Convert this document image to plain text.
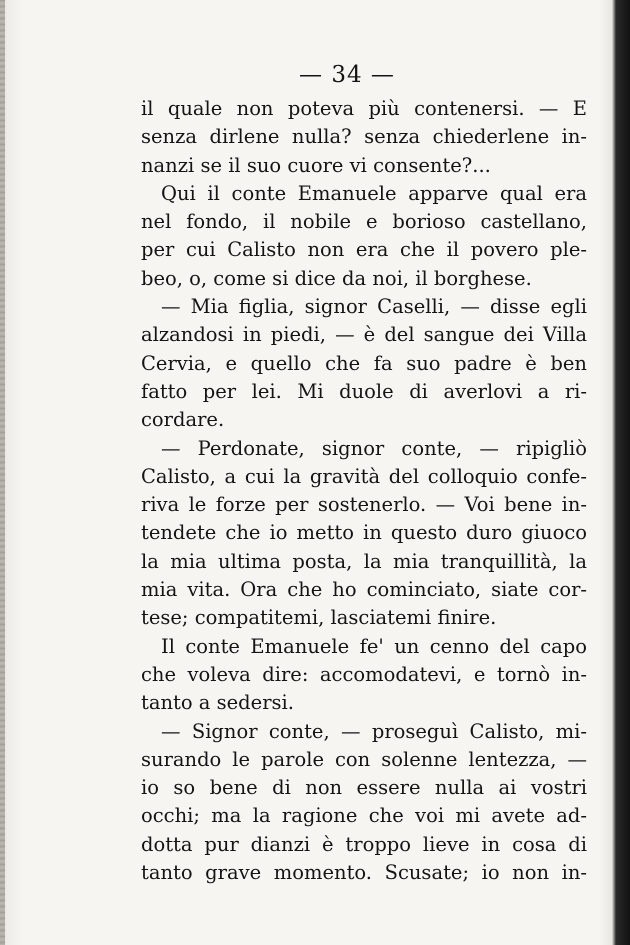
— 34 —

il quale non poteva più contenersi. — E

senza dirlene nulla? senza chiederlene in-

nanzi se il suo cuore vi consente?...

Qui il conte Emanuele apparve qual era

nel fondo, il nobile e borioso castellano,

per cui Calisto non era che il povero ple-

beo, o, come si dice da noi, il borghese.

— Mia figlia, signor Caselli, — disse egli

alzandosi in piedi, — è del sangue dei Villa

Cervia, e quello che fa suo padre è ben

fatto per lei. Mi duole di averlovi a ri-

cordare.

— Perdonate, signor conte, — ripigliò

Calisto, a cui la gravità del colloquio confe-

riva le forze per sostenerlo. — Voi bene in-

tendete che io metto in questo duro giuoco

la mia ultima posta, la mia tranquillità, la

mia vita. Ora che ho cominciato, siate cor-

tese; compatitemi, lasciatemi finire.

Il conte Emanuele fe' un cenno del capo

che voleva dire: accomodatevi, e tornò in-

tanto a sedersi.

— Signor conte, — proseguì Calisto, mi-

surando le parole con solenne lentezza, —

io so bene di non essere nulla ai vostri

occhi; ma la ragione che voi mi avete ad-

dotta pur dianzi è troppo lieve in cosa di

tanto grave momento. Scusate; io non in-
